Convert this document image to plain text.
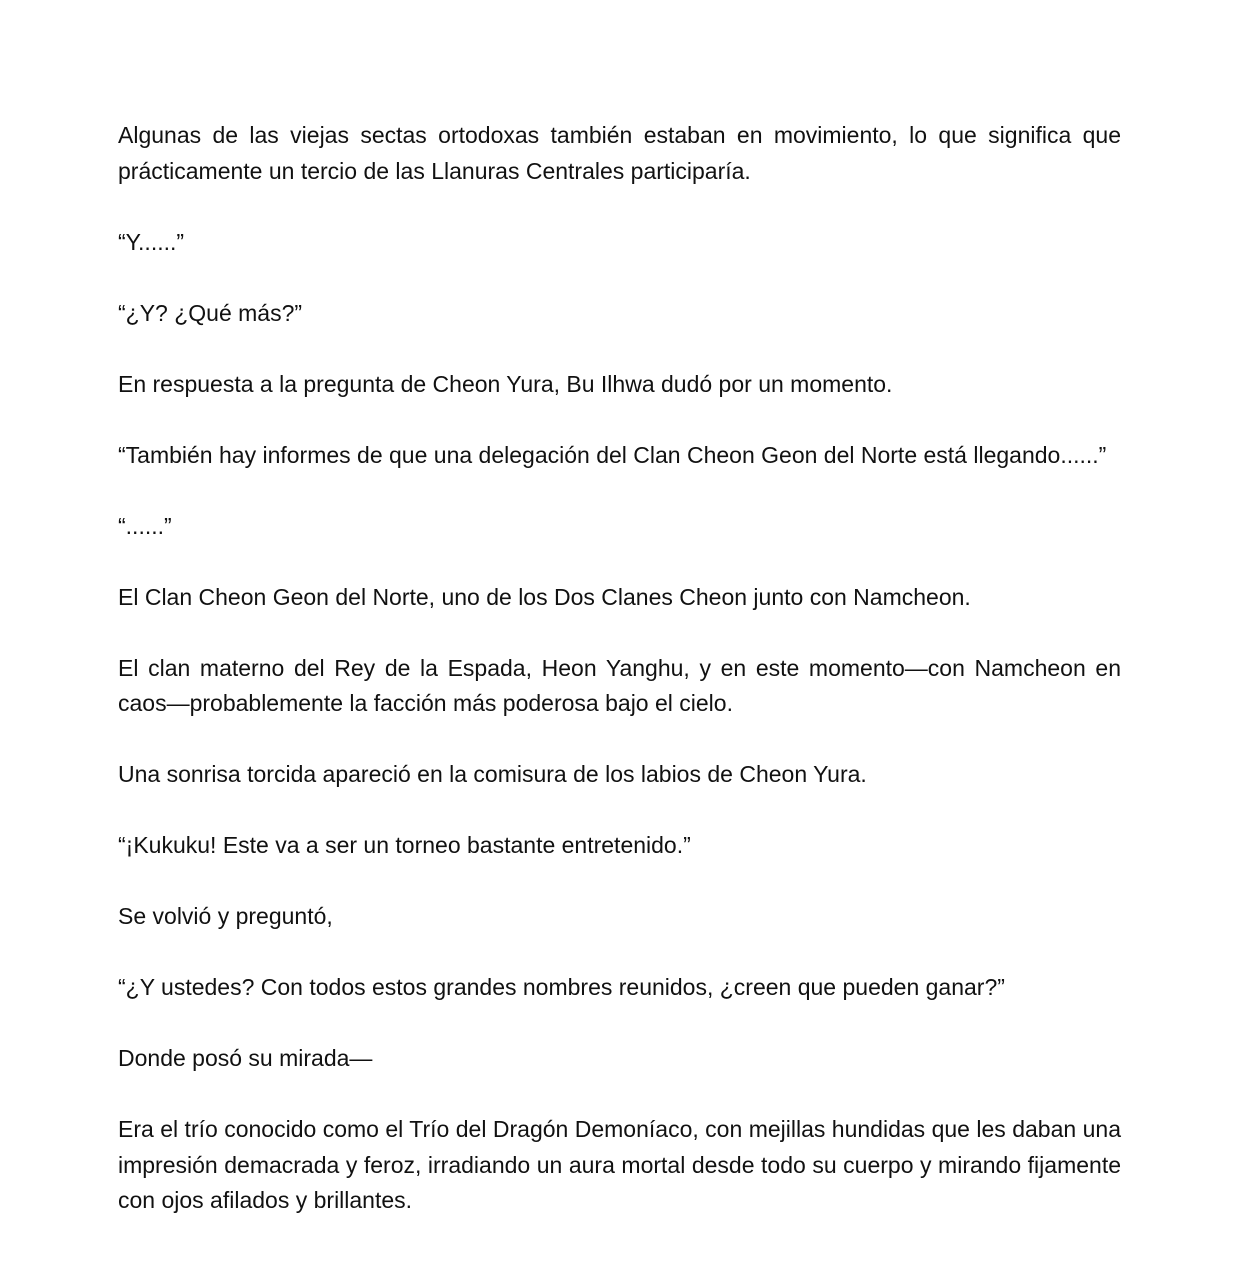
Algunas de las viejas sectas ortodoxas también estaban en movimiento, lo que significa que prácticamente un tercio de las Llanuras Centrales participaría.

“Y......”

“¿Y? ¿Qué más?”

En respuesta a la pregunta de Cheon Yura, Bu Ilhwa dudó por un momento.

“También hay informes de que una delegación del Clan Cheon Geon del Norte está llegando......”

“......”

El Clan Cheon Geon del Norte, uno de los Dos Clanes Cheon junto con Namcheon.

El clan materno del Rey de la Espada, Heon Yanghu, y en este momento—con Namcheon en caos—probablemente la facción más poderosa bajo el cielo.

Una sonrisa torcida apareció en la comisura de los labios de Cheon Yura.

“¡Kukuku! Este va a ser un torneo bastante entretenido.”

Se volvió y preguntó,

“¿Y ustedes? Con todos estos grandes nombres reunidos, ¿creen que pueden ganar?”

Donde posó su mirada—

Era el trío conocido como el Trío del Dragón Demoníaco, con mejillas hundidas que les daban una impresión demacrada y feroz, irradiando un aura mortal desde todo su cuerpo y mirando fijamente con ojos afilados y brillantes.
